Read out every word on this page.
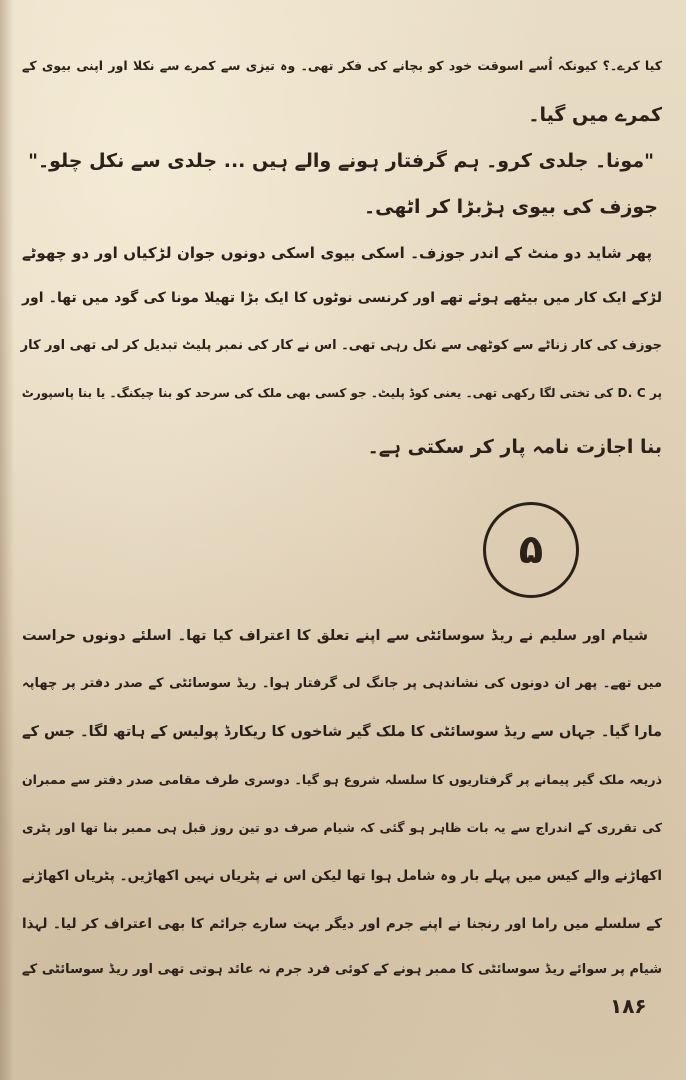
کیا کرے۔؟ کیونکہ اُسے اسوقت خود کو بچانے کی فکر تھی۔ وہ تیزی سے کمرے سے نکلا اور اپنی بیوی کے
کمرے میں گیا۔
"مونا۔ جلدی کرو۔ ہم گرفتار ہونے والے ہیں ... جلدی سے نکل چلو۔"
جوزف کی بیوی ہڑبڑا کر اٹھی۔
پھر شاید دو منٹ کے اندر جوزف۔ اسکی بیوی اسکی دونوں جوان لڑکیاں اور دو چھوٹے
لڑکے ایک کار میں بیٹھے ہوئے تھے اور کرنسی نوٹوں کا ایک بڑا تھیلا مونا کی گود میں تھا۔ اور
جوزف کی کار زناٹے سے کوٹھی سے نکل رہی تھی۔ اس نے کار کی نمبر پلیٹ تبدیل کر لی تھی اور کار
پر D. C کی تختی لگا رکھی تھی۔ یعنی کوڈ پلیٹ۔ جو کسی بھی ملک کی سرحد کو بنا چیکنگ۔ یا بنا پاسپورٹ
بنا اجازت نامہ پار کر سکتی ہے۔
۵
شیام اور سلیم نے ریڈ سوسائٹی سے اپنے تعلق کا اعتراف کیا تھا۔ اسلئے دونوں حراست
میں تھے۔ پھر ان دونوں کی نشاندہی پر جانگ لی گرفتار ہوا۔ ریڈ سوسائٹی کے صدر دفتر پر چھاپہ
مارا گیا۔ جہاں سے ریڈ سوسائٹی کا ملک گیر شاخوں کا ریکارڈ پولیس کے ہاتھ لگا۔ جس کے
ذریعہ ملک گیر پیمانے پر گرفتاریوں کا سلسلہ شروع ہو گیا۔ دوسری طرف مقامی صدر دفتر سے ممبران
کی تقرری کے اندراج سے یہ بات ظاہر ہو گئی کہ شیام صرف دو تین روز قبل ہی ممبر بنا تھا اور پٹری
اکھاڑنے والے کیس میں پہلے بار وہ شامل ہوا تھا لیکن اس نے پٹریاں نہیں اکھاڑیں۔ پٹریاں اکھاڑنے
کے سلسلے میں راما اور رنجنا نے اپنے جرم اور دیگر بہت سارے جرائم کا بھی اعتراف کر لیا۔ لہذا
شیام پر سوائے ریڈ سوسائٹی کا ممبر ہونے کے کوئی فرد جرم نہ عائد ہوتی تھی اور ریڈ سوسائٹی کے
۱۸۶
